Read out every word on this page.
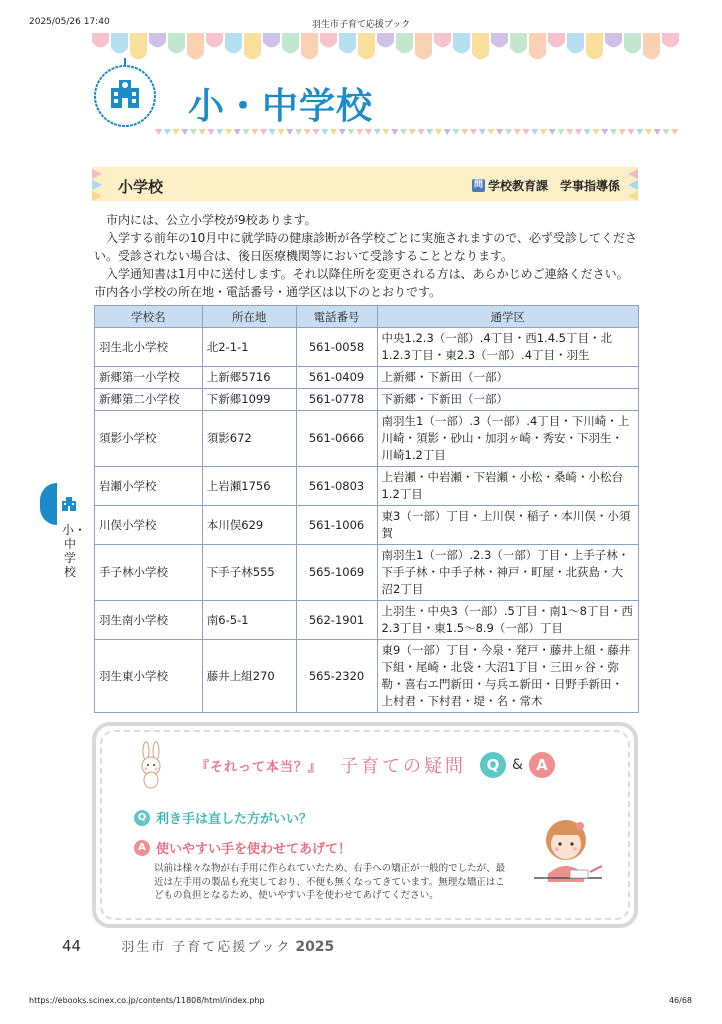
2025/05/26 17:40	羽生市子育て応援ブック
小・中学校
小学校	問 学校教育課　学事指導係

市内には、公立小学校が9校あります。

入学する前年の10月中に就学時の健康診断が各学校ごとに実施されますので、必ず受診してください。受診されない場合は、後日医療機関等において受診することとなります。

入学通知書は1月中に送付します。それ以降住所を変更される方は、あらかじめご連絡ください。市内各小学校の所在地・電話番号・通学区は以下のとおりです。

学校名	所在地	電話番号	通学区
羽生北小学校	北2-1-1	561-0058	中央1.2.3（一部）.4丁目・西1.4.5丁目・北1.2.3丁目・東2.3（一部）.4丁目・羽生
新郷第一小学校	上新郷5716	561-0409	上新郷・下新田（一部）
新郷第二小学校	下新郷1099	561-0778	下新郷・下新田（一部）
須影小学校	須影672	561-0666	南羽生1（一部）.3（一部）.4丁目・下川崎・上川崎・須影・砂山・加羽ヶ崎・秀安・下羽生・川崎1.2丁目
岩瀬小学校	上岩瀬1756	561-0803	上岩瀬・中岩瀬・下岩瀬・小松・桑崎・小松台1.2丁目
川俣小学校	本川俣629	561-1006	東3（一部）丁目・上川俣・稲子・本川俣・小須賀
手子林小学校	下手子林555	565-1069	南羽生1（一部）.2.3（一部）丁目・上手子林・下手子林・中手子林・神戸・町屋・北荻島・大沼2丁目
羽生南小学校	南6-5-1	562-1901	上羽生・中央3（一部）.5丁目・南1～8丁目・西2.3丁目・東1.5～8.9（一部）丁目
羽生東小学校	藤井上組270	565-2320	東9（一部）丁目・今泉・発戸・藤井上組・藤井下組・尾崎・北袋・大沼1丁目・三田ヶ谷・弥勒・喜右エ門新田・与兵エ新田・日野手新田・上村君・下村君・堤・名・常木
小・中学校
『それって本当？』 子育ての疑問	Q & A
Q 利き手は直した方がいい？
A 使いやすい手を使わせてあげて！
以前は様々な物が右手用に作られていたため、右手への矯正が一般的でしたが、最近は左手用の製品も充実しており、不便も無くなってきています。無理な矯正はこどもの負担となるため、使いやすい手を使わせてあげてください。
44	羽生市 子育て応援ブック 2025
https://ebooks.scinex.co.jp/contents/11808/html/index.php	46/68
